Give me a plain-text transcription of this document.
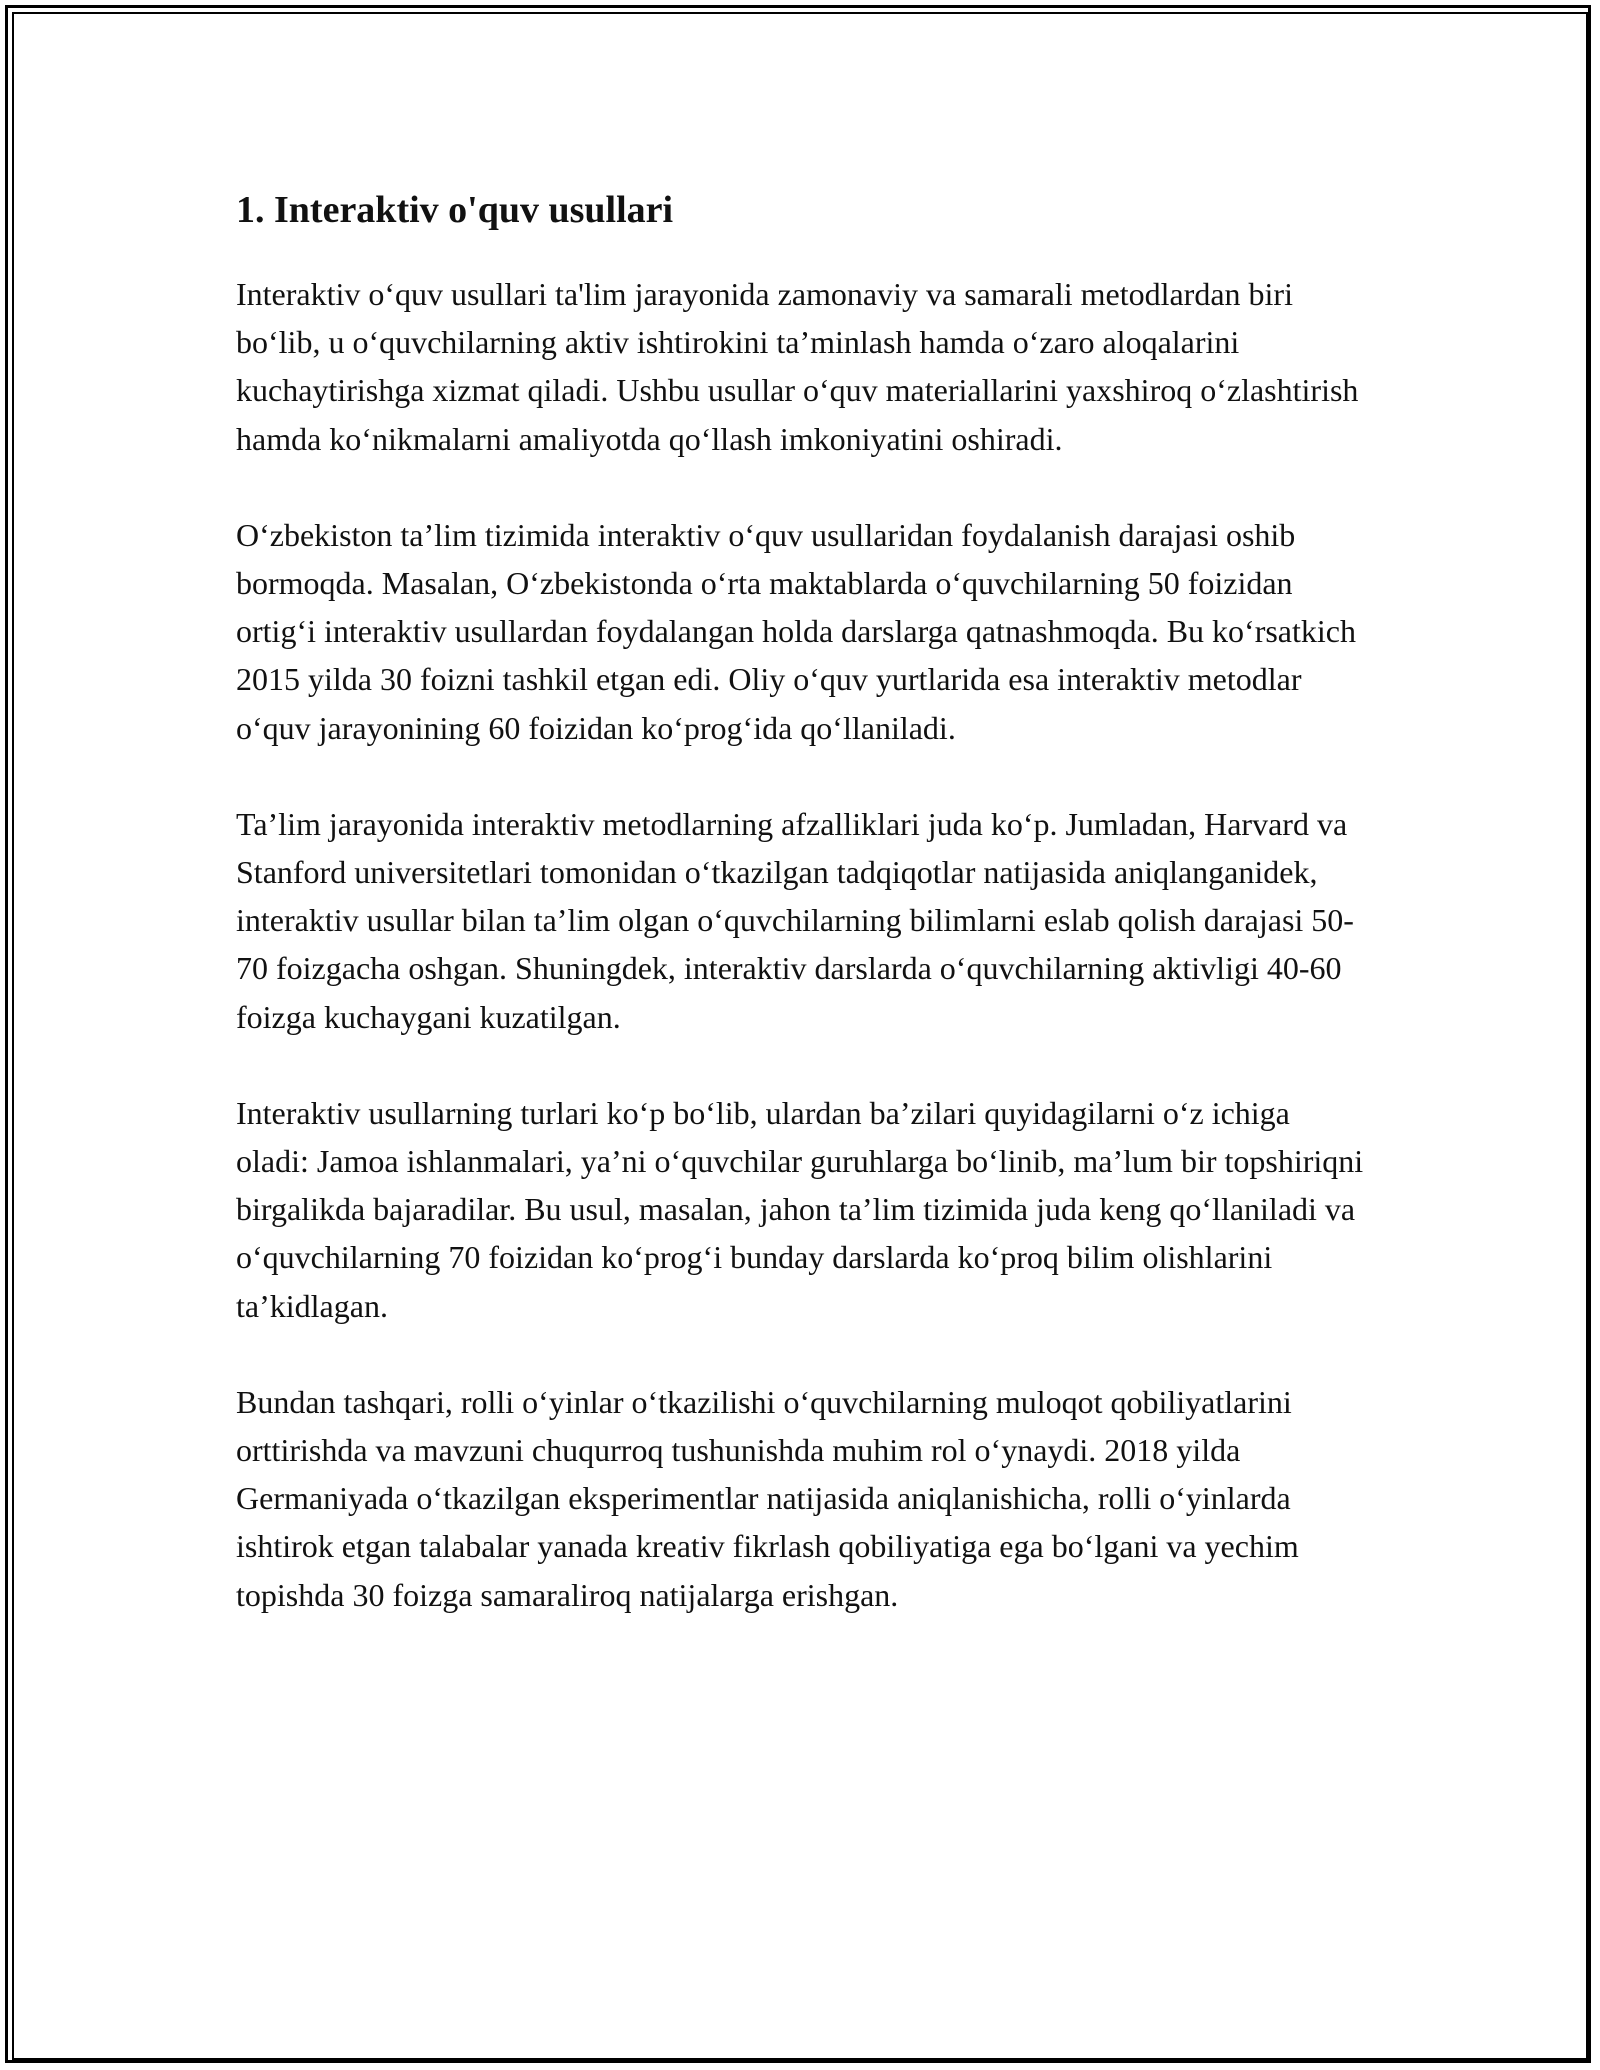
1. Interaktiv o'quv usullari

Interaktiv o‘quv usullari ta'lim jarayonida zamonaviy va samarali metodlardan biri bo‘lib, u o‘quvchilarning aktiv ishtirokini ta’minlash hamda o‘zaro aloqalarini kuchaytirishga xizmat qiladi. Ushbu usullar o‘quv materiallarini yaxshiroq o‘zlashtirish hamda ko‘nikmalarni amaliyotda qo‘llash imkoniyatini oshiradi.

O‘zbekiston ta’lim tizimida interaktiv o‘quv usullaridan foydalanish darajasi oshib bormoqda. Masalan, O‘zbekistonda o‘rta maktablarda o‘quvchilarning 50 foizidan ortig‘i interaktiv usullardan foydalangan holda darslarga qatnashmoqda. Bu ko‘rsatkich 2015 yilda 30 foizni tashkil etgan edi. Oliy o‘quv yurtlarida esa interaktiv metodlar o‘quv jarayonining 60 foizidan ko‘prog‘ida qo‘llaniladi.

Ta’lim jarayonida interaktiv metodlarning afzalliklari juda ko‘p. Jumladan, Harvard va Stanford universitetlari tomonidan o‘tkazilgan tadqiqotlar natijasida aniqlanganidek, interaktiv usullar bilan ta’lim olgan o‘quvchilarning bilimlarni eslab qolish darajasi 50-70 foizgacha oshgan. Shuningdek, interaktiv darslarda o‘quvchilarning aktivligi 40-60 foizga kuchaygani kuzatilgan.

Interaktiv usullarning turlari ko‘p bo‘lib, ulardan ba’zilari quyidagilarni o‘z ichiga oladi: Jamoa ishlanmalari, ya’ni o‘quvchilar guruhlarga bo‘linib, ma’lum bir topshiriqni birgalikda bajaradilar. Bu usul, masalan, jahon ta’lim tizimida juda keng qo‘llaniladi va o‘quvchilarning 70 foizidan ko‘prog‘i bunday darslarda ko‘proq bilim olishlarini ta’kidlagan.

Bundan tashqari, rolli o‘yinlar o‘tkazilishi o‘quvchilarning muloqot qobiliyatlarini orttirishda va mavzuni chuqurroq tushunishda muhim rol o‘ynaydi. 2018 yilda Germaniyada o‘tkazilgan eksperimentlar natijasida aniqlanishicha, rolli o‘yinlarda ishtirok etgan talabalar yanada kreativ fikrlash qobiliyatiga ega bo‘lgani va yechim topishda 30 foizga samaraliroq natijalarga erishgan.
